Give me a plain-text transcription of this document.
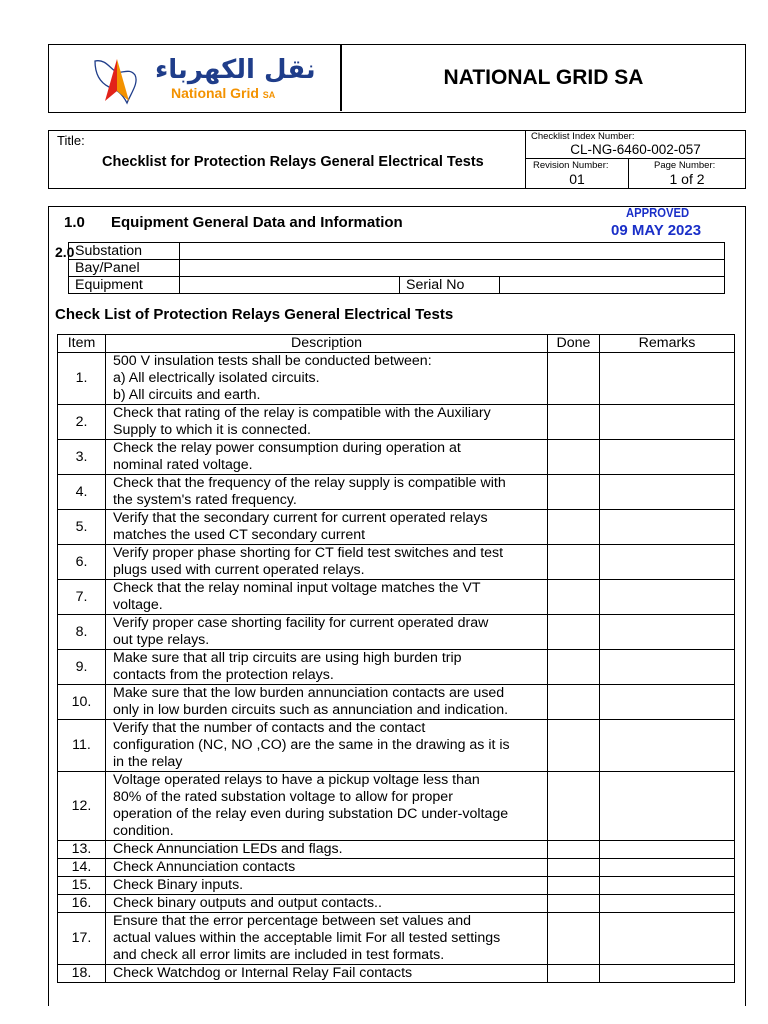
نقل الكهرباء
National Grid SA
NATIONAL GRID SA
Title:
Checklist for Protection Relays General Electrical Tests
Checklist Index Number:
CL-NG-6460-002-057
Revision Number:
01
Page Number:
1 of 2
1.0 Equipment General Data and Information
APPROVED
09 MAY 2023
2.0 Substation			
Bay/Panel			
Equipment		Serial No	
Check List of Protection Relays General Electrical Tests
Item	Description	Done	Remarks
1.	500 V insulation tests shall be conducted between:
a) All electrically isolated circuits.
b) All circuits and earth.		

2.	Check that rating of the relay is compatible with the Auxiliary
Supply to which it is connected.		

3.	Check the relay power consumption during operation at
nominal rated voltage.		

4.	Check that the frequency of the relay supply is compatible with
the system's rated frequency.		

5.	Verify that the secondary current for current operated relays
matches the used CT secondary current		

6.	Verify proper phase shorting for CT field test switches and test
plugs used with current operated relays.		

7.	Check that the relay nominal input voltage matches the VT
voltage.		

8.	Verify proper case shorting facility for current operated draw
out type relays.		

9.	Make sure that all trip circuits are using high burden trip
contacts from the protection relays.		

10.	Make sure that the low burden annunciation contacts are used
only in low burden circuits such as annunciation and indication.		

11.	Verify that the number of contacts and the contact
configuration (NC, NO ,CO) are the same in the drawing as it is
in the relay		

12.	Voltage operated relays to have a pickup voltage less than
80% of the rated substation voltage to allow for proper
operation of the relay even during substation DC under-voltage
condition.		

13.	Check Annunciation LEDs and flags.		

14.	Check Annunciation contacts		

15.	Check Binary inputs.		

16.	Check binary outputs and output contacts..		

17.	Ensure that the error percentage between set values and
actual values within the acceptable limit For all tested settings
and check all error limits are included in test formats.		

18.	Check Watchdog or Internal Relay Fail contacts		
